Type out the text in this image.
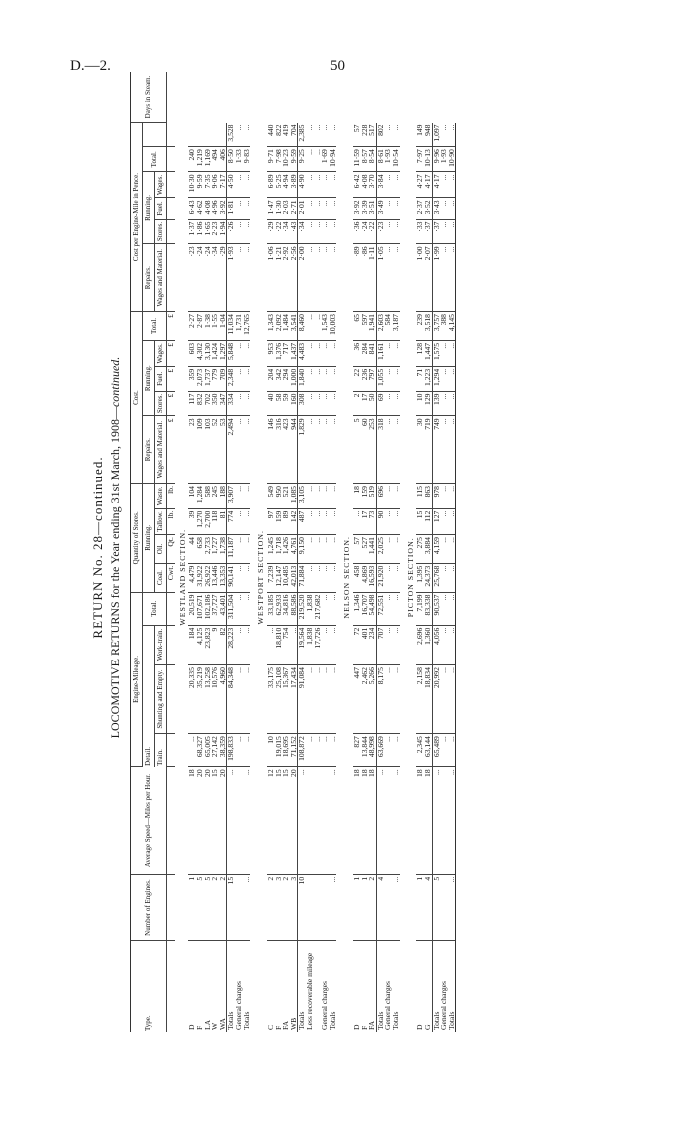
D.—2.	50
RETURN No. 28—continued. LOCOMOTIVE RETURNS for the Year ending 31st March, 1908—continued.
Type.	Number of Engines.	Average Speed—Miles per Hour.	Engine-Mileage.				Quantity of Stores.				Cost.					Cost per Engine-Mile in Pence.						Days in Steam.
			Detail.			Total.	Running.				Repairs.	Running.			Total.	Repairs.	Running.			Total.		
			Train.	Shunting and Empty.	Work-train.		Coal.	Oil.	Tallow.	Waste.	Wages and Material.	Stores.	Fuel.	Wages.		Wages and Material.	Stores.	Fuel.	Wages.			

							Cwt.	Qt.	lb.	lb.	£	£	£	£	£							
WESTLAND SECTION.																						
D	1	18	...	20,335	184	20,519	4,479	44	39	104	23	117	359	603	2·27	·23	1·37	6·43	10·30	240		
F	5	20	68,327	35,219	4,125	107,671	31,922	658	1,270	1,284	109	832	2,073	4,302	2·87	·24	1·86	4·62	9·59	1,219		
LA	5	20	65,005	13,258	23,823	102,186	26,922	2,733	2,700	588	103	702	1,737	3,130	1·38	·24	1·65	4·08	7·35	1,169		
W	2	15	27,142	10,576	9	37,727	13,446	1,727	118	245	52	350	779	1,424	1·55	·34	2·23	4·96	9·06	494		
WA	2	20	38,359	4,960	82	43,401	13,353	1,738	81	188	53	347	709	1,297	1·04	·29	1·94	3·92	7·17	406		
Totals	15	...	198,833	84,348	28,223	311,504	90,141	11,187	774	3,907	2,494	334	2,348	5,848	11,034	1·93	·26	1·81	4·50	8·50	3,528	
General charges			...	...	...	...	...	...	...	...	...	...	...	...	1,731	...	...	...	...	1·33	...	
Totals	...	...	...	...	...	...	...	...	...	...	...	...	...	...	12,765	...	...	...	...	9·83	...	

WESTPORT SECTION.																						
C	2	12	10	33,175	...	33,185	7,239	1,245	97	549	146	40	204	953	1,343	1·06	·29	1·47	6·89	9·71	440	
F	3	15	19,015	25,108	18,810	62,933	12,147	1,718	159	950	316	58	342	1,376	2,092	1·21	·22	1·30	5·25	7·98	822	
FA	2	15	18,695	15,367	754	34,816	10,485	1,426	89	521	423	59	294	717	1,484	2·92	·34	2·03	4·94	10·23	419	
WB	3	20	71,152	17,434	...	88,586	42,013	4,761	142	1,085	944	160	1,000	1,437	3,541	2·56	·43	2·71	3·89	9·59	704	
Totals	10	...	108,872	91,084	19,564	219,520	71,884	9,150	487	3,105	1,829	308	1,840	4,483	8,460	2·00	·34	2·01	4·90	9·25	2,385	
Less recoverable mileage			...	...	1,838	1,838	...	...	...	...	...	...	...	...	...	...	...	...	...	...	...	
			...	...	17,726	217,682	...	...	...	...	...	...	...	...	...	...	...	...	...	...	...	
General charges			...	...	...	...	...	...	...	...	...	...	...	...	1,543	...	...	...	...	1·69	...	
Totals	...	...	...	...	...	...	...	...	...	...	...	...	...	...	10,003	...	...	...	...	10·94	...	

NELSON SECTION.																						
D	1	18	827	447	72	1,346	458	57	...	18	5	2	22	36	65	·89	·36	3·92	6·42	11·59	57	
F	1	18	13,844	2,462	401	16,707	4,869	527	17	159	60	17	236	284	597	·86	·24	3·39	4·08	8·57	228	
FA	2	18	48,998	5,266	234	54,498	16,593	1,441	73	519	253	50	797	841	1,941	1·11	·22	3·51	3·70	8·54	517	
Totals	4	...	63,669	8,175	707	72,551	21,920	2,025	90	696	318	69	1,055	1,161	2,603	1·05	·23	3·49	3·84	8·61	802	
General charges			...	...	...	...	...	...	...	...	...	...	...	...	584	...	...	...	...	1·93	...	
Totals	...	...	...	...	...	...	...	...	...	...	...	...	...	...	3,187	...	...	...	...	10·54	...	

PICTON SECTION.																						
D	1	18	2,345	2,158	2,696	7,199	1,395	275	15	115	30	10	71	128	239	1·00	·33	2·37	4·27	7·97	149	
G	4	18	63,144	18,834	1,360	83,338	24,373	3,884	112	863	719	129	1,223	1,447	3,518	2·07	·37	3·52	4·17	10·13	948	
Totals	5	...	65,489	20,992	4,056	90,537	25,768	4,159	127	978	749	139	1,294	1,575	3,757	1·99	·37	3·43	4·17	9·96	1,097	
General charges			...	...	...	...	...	...	...	...	...	...	...	...	388	...	...	...	...	1·93	...	
Totals	...	...	...	...	...	...	...	...	...	...	...	...	...	...	4,145	...	...	...	...	10·90	...	
